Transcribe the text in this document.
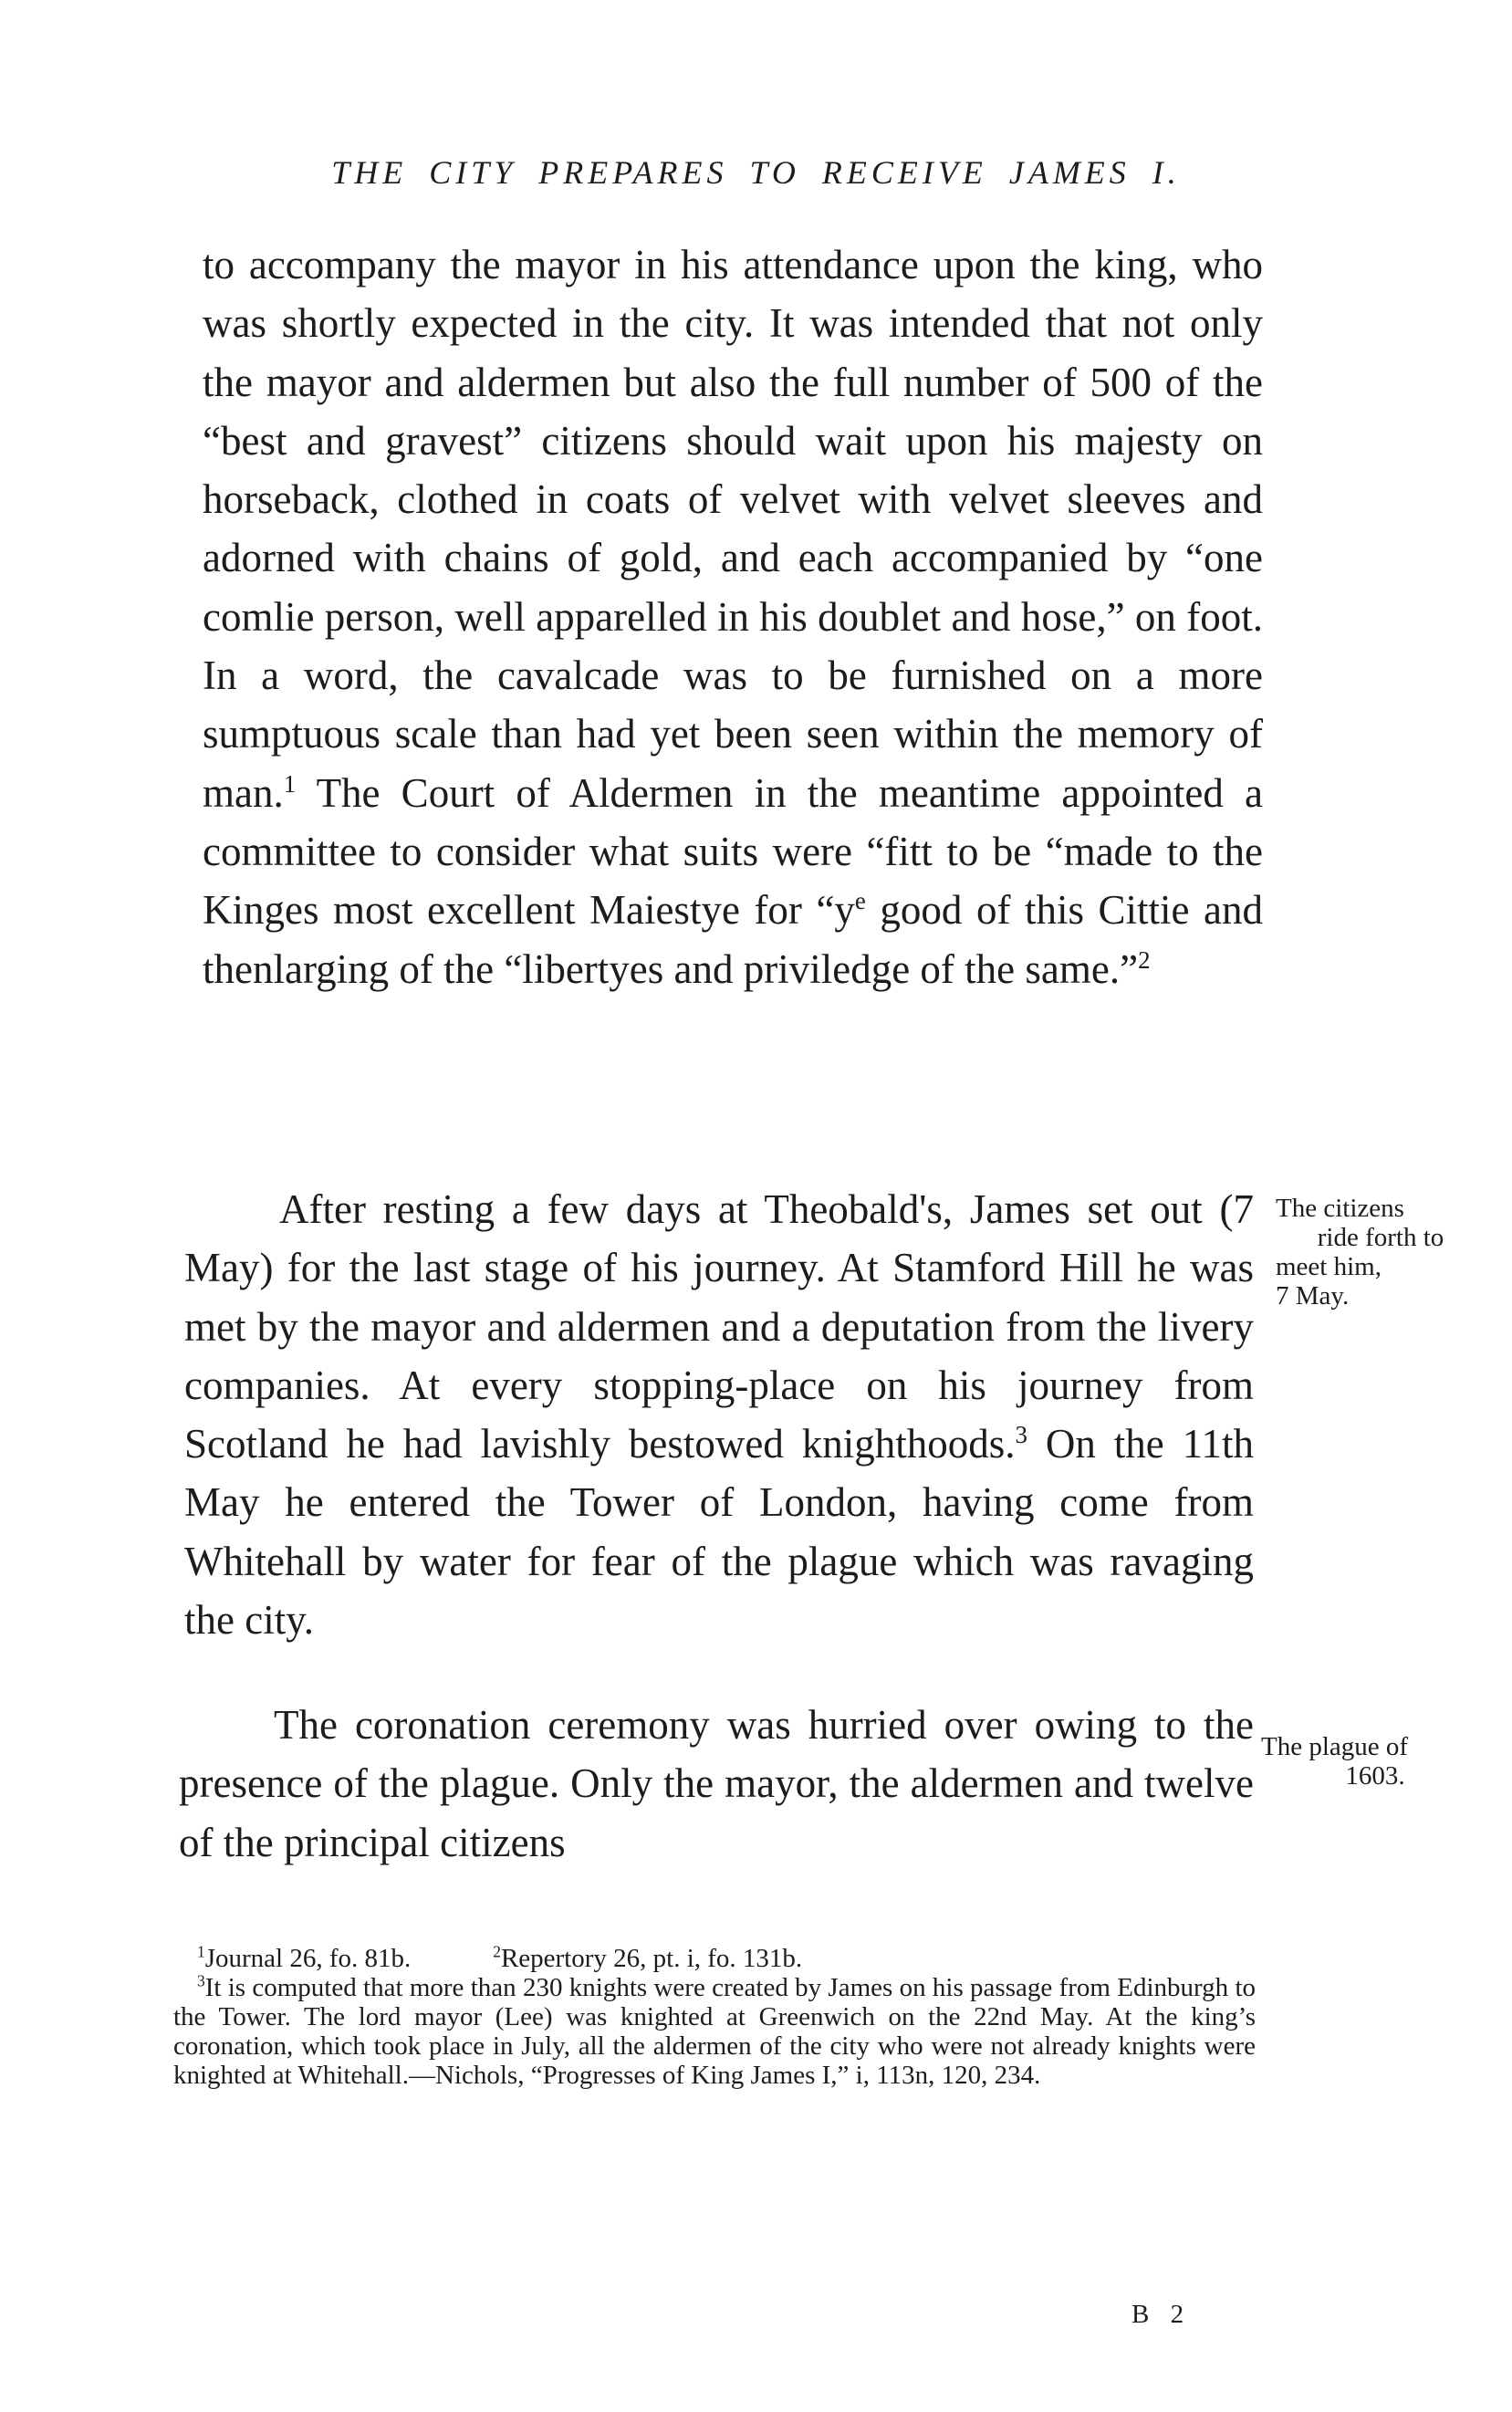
THE CITY PREPARES TO RECEIVE JAMES I.

to accompany the mayor in his attendance upon the king, who was shortly expected in the city. It was intended that not only the mayor and aldermen but also the full number of 500 of the “best and gravest” citizens should wait upon his majesty on horseback, clothed in coats of velvet with velvet sleeves and adorned with chains of gold, and each accompanied by “one comlie person, well apparelled in his doublet and hose,” on foot. In a word, the cavalcade was to be furnished on a more sumptuous scale than had yet been seen within the memory of man.$^1$ The Court of Aldermen in the meantime appointed a committee to consider what suits were “fitt to be “made to the Kinges most excellent Maiestye for “$y^e$ good of this Cittie and thenlarging of the “libertyes and priviledge of the same.”$^2$

After resting a few days at Theobald's, James set out (7 May) for the last stage of his journey. At Stamford Hill he was met by the mayor and aldermen and a deputation from the livery companies. At every stopping-place on his journey from Scotland he had lavishly bestowed knighthoods.$^3$ On the 11th May he entered the Tower of London, having come from Whitehall by water for fear of the plague which was ravaging the city.

The citizens

ride forth to
meet him,
7 May.

The coronation ceremony was hurried over owing to the presence of the plague. Only the mayor, the aldermen and twelve of the principal citizens

The plague of

1603.

$^1$Journal 26, fo. 81b.	$^2$Repertory 26, pt. i, fo. 131b.

$^3$It is computed that more than 230 knights were created by James on his passage from Edinburgh to the Tower. The lord mayor (Lee) was knighted at Greenwich on the 22nd May. At the king’s coronation, which took place in July, all the aldermen of the city who were not already knights were knighted at Whitehall.—Nichols, “Progresses of King James I,” i, 113n, 120, 234.

B 2
